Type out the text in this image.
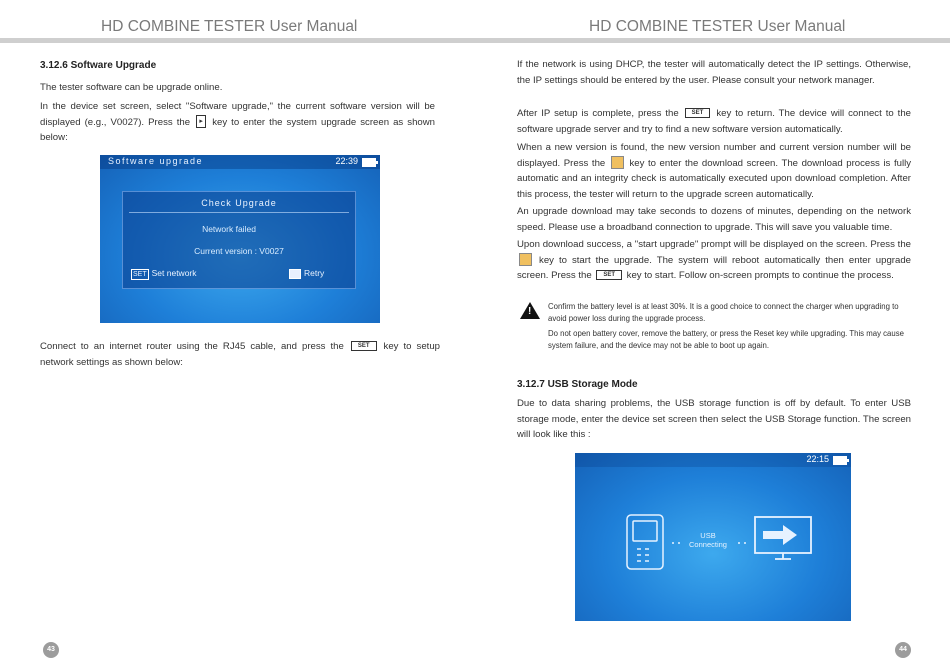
HD COMBINE TESTER User Manual
3.12.6 Software Upgrade
The tester software can be upgrade online.
In the device set screen, select "Software upgrade," the current software version will be displayed (e.g., V0027). Press the ▸ key to enter the system upgrade screen as shown below:
Software upgrade	22:39
Check Upgrade
Network failed
Current version : V0027
SET Set network	Retry
Connect to an internet router using the RJ45 cable, and press the SET key to setup network settings as shown below:
43
HD COMBINE TESTER User Manual
If the network is using DHCP, the tester will automatically detect the IP settings. Otherwise, the IP settings should be entered by the user. Please consult your network manager.
After IP setup is complete, press the SET key to return. The device will connect to the software upgrade server and try to find a new software version automatically.
When a new version is found, the new version number and current version number will be displayed. Press the	key to enter the download screen. The download process is fully automatic and an integrity check is automatically executed upon download completion. After this process, the tester will return to the upgrade screen automatically.
An upgrade download may take seconds to dozens of minutes, depending on the network speed. Please use a broadband connection to upgrade. This will save you valuable time.
Upon download success, a "start upgrade" prompt will be displayed on the screen. Press the  key to start the upgrade. The system will reboot automatically then enter upgrade screen. Press the SET key to start. Follow on-screen prompts to continue the process.
! Confirm the battery level is at least 30%. It is a good choice to connect the charger when upgrading to avoid power loss during the upgrade process.
Do not open battery cover, remove the battery, or press the Reset key while upgrading. This may cause system failure, and the device may not be able to boot up again.
3.12.7 USB Storage Mode
Due to data sharing problems, the USB storage function is off by default. To enter USB storage mode, enter the device set screen then select the USB Storage function. The screen will look like this :
22:15
USB
Connecting
44
